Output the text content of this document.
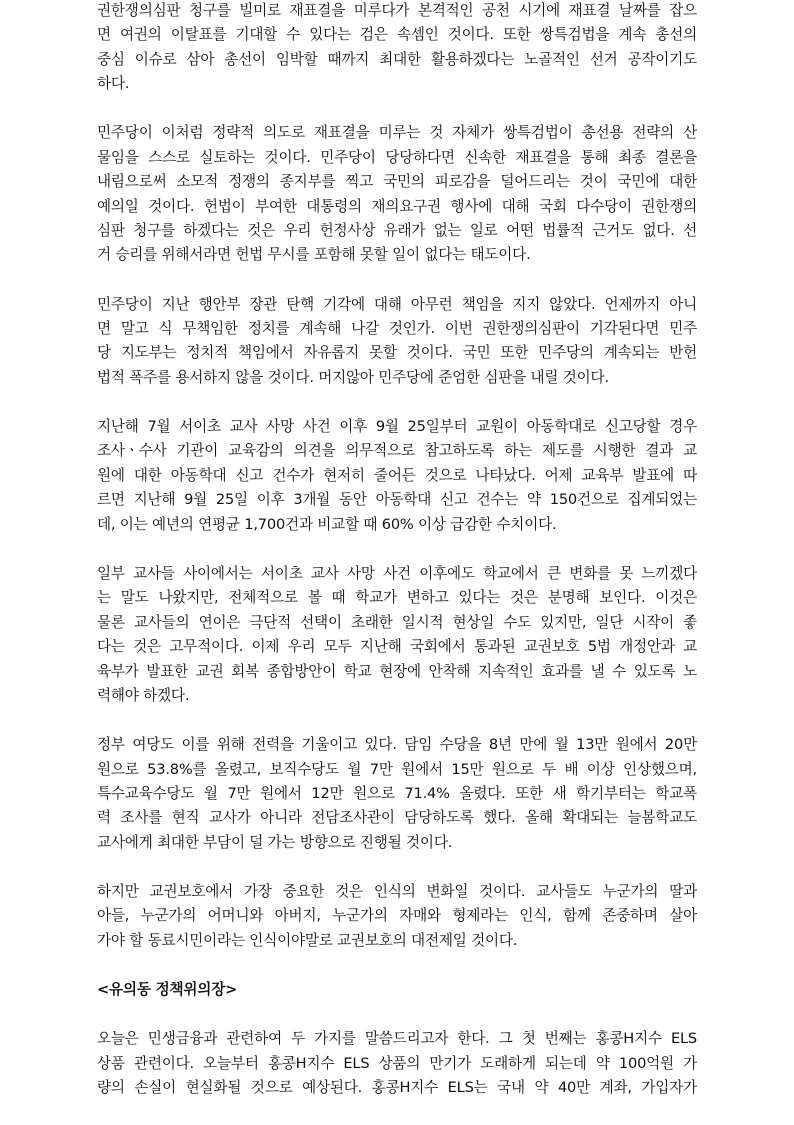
권한쟁의심판 청구를 빌미로 재표결을 미루다가 본격적인 공천 시기에 재표결 날짜를 잡으
면 여권의 이탈표를 기대할 수 있다는 검은 속셈인 것이다. 또한 쌍특검법을 계속 총선의
중심 이슈로 삼아 총선이 임박할 때까지 최대한 활용하겠다는 노골적인 선거 공작이기도
하다.
민주당이 이처럼 정략적 의도로 재표결을 미루는 것 자체가 쌍특검법이 총선용 전략의 산
물임을 스스로 실토하는 것이다. 민주당이 당당하다면 신속한 재표결을 통해 최종 결론을
내림으로써 소모적 정쟁의 종지부를 찍고 국민의 피로감을 덜어드리는 것이 국민에 대한
예의일 것이다. 헌법이 부여한 대통령의 재의요구권 행사에 대해 국회 다수당이 권한쟁의
심판 청구를 하겠다는 것은 우리 헌정사상 유래가 없는 일로 어떤 법률적 근거도 없다. 선
거 승리를 위해서라면 헌법 무시를 포함해 못할 일이 없다는 태도이다.
민주당이 지난 행안부 장관 탄핵 기각에 대해 아무런 책임을 지지 않았다. 언제까지 아니
면 말고 식 무책임한 정치를 계속해 나갈 것인가. 이번 권한쟁의심판이 기각된다면 민주
당 지도부는 정치적 책임에서 자유롭지 못할 것이다. 국민 또한 민주당의 계속되는 반헌
법적 폭주를 용서하지 않을 것이다. 머지않아 민주당에 준엄한 심판을 내릴 것이다.
지난해 7월 서이초 교사 사망 사건 이후 9월 25일부터 교원이 아동학대로 신고당할 경우
조사ㆍ수사 기관이 교육감의 의견을 의무적으로 참고하도록 하는 제도를 시행한 결과 교
원에 대한 아동학대 신고 건수가 현저히 줄어든 것으로 나타났다. 어제 교육부 발표에 따
르면 지난해 9월 25일 이후 3개월 동안 아동학대 신고 건수는 약 150건으로 집계되었는
데, 이는 예년의 연평균 1,700건과 비교할 때 60% 이상 급감한 수치이다.
일부 교사들 사이에서는 서이초 교사 사망 사건 이후에도 학교에서 큰 변화를 못 느끼겠다
는 말도 나왔지만, 전체적으로 볼 때 학교가 변하고 있다는 것은 분명해 보인다. 이것은
물론 교사들의 연이은 극단적 선택이 초래한 일시적 현상일 수도 있지만, 일단 시작이 좋
다는 것은 고무적이다. 이제 우리 모두 지난해 국회에서 통과된 교권보호 5법 개정안과 교
육부가 발표한 교권 회복 종합방안이 학교 현장에 안착해 지속적인 효과를 낼 수 있도록 노
력해야 하겠다.
정부 여당도 이를 위해 전력을 기울이고 있다. 담임 수당을 8년 만에 월 13만 원에서 20만
원으로 53.8%를 올렸고, 보직수당도 월 7만 원에서 15만 원으로 두 배 이상 인상했으며,
특수교육수당도 월 7만 원에서 12만 원으로 71.4% 올렸다. 또한 새 학기부터는 학교폭
력 조사를 현직 교사가 아니라 전담조사관이 담당하도록 했다. 올해 확대되는 늘봄학교도
교사에게 최대한 부담이 덜 가는 방향으로 진행될 것이다.
하지만 교권보호에서 가장 중요한 것은 인식의 변화일 것이다. 교사들도 누군가의 딸과
아들, 누군가의 어머니와 아버지, 누군가의 자매와 형제라는 인식, 함께 존중하며 살아
가야 할 동료시민이라는 인식이야말로 교권보호의 대전제일 것이다.
<유의동 정책위의장>
오늘은 민생금융과 관련하여 두 가지를 말씀드리고자 한다. 그 첫 번째는 홍콩H지수 ELS
상품 관련이다. 오늘부터 홍콩H지수 ELS 상품의 만기가 도래하게 되는데 약 100억원 가
량의 손실이 현실화될 것으로 예상된다. 홍콩H지수 ELS는 국내 약 40만 계좌, 가입자가
